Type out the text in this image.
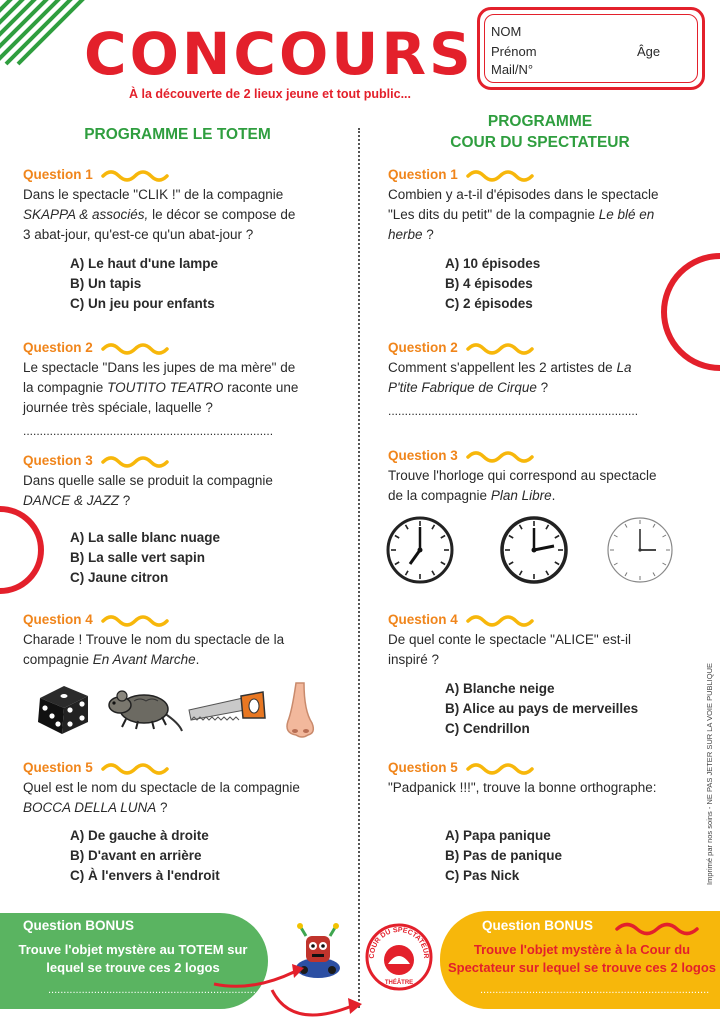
CONCOURS
À la découverte de 2 lieux jeune et tout public...
NOM
Prénom	Âge
Mail/N°
Imprimé par nos soins - NE PAS JETER SUR LA VOIE PUBLIQUE
PROGRAMME LE TOTEM
Question 1
Dans le spectacle "CLIK !" de la compagnie
SKAPPA & associés, le décor se compose de
3 abat-jour, qu'est-ce qu'un abat-jour ?
A) Le haut d'une lampe
B) Un tapis
C) Un jeu pour enfants
Question 2
Le spectacle "Dans les jupes de ma mère" de
la compagnie TOUTITO TEATRO raconte une
journée très spéciale, laquelle ?
...........................................................................
Question 3
Dans quelle salle se produit la compagnie
DANCE & JAZZ ?
A) La salle blanc nuage
B) La salle vert sapin
C) Jaune citron
Question 4
Charade ! Trouve le nom du spectacle de la
compagnie En Avant Marche.
Question 5
Quel est le nom du spectacle de la compagnie
BOCCA DELLA LUNA ?
A) De gauche à droite
B) D'avant en arrière
C) À l'envers à l'endroit
Question BONUS
Trouve l'objet mystère au TOTEM sur
lequel se trouve ces 2 logos
...........................................................................
COUR DU SPECTATEUR
THÉÂTRE
PROGRAMME
COUR DU SPECTATEUR
Question 1
Combien y a-t-il d'épisodes dans le spectacle
"Les dits du petit" de la compagnie Le blé en
herbe ?
A) 10 épisodes
B) 4 épisodes
C) 2 épisodes
Question 2
Comment s'appellent les 2 artistes de La
P'tite Fabrique de Cirque ?
...........................................................................
Question 3
Trouve l'horloge qui correspond au spectacle
de la compagnie Plan Libre.
Question 4
De quel conte le spectacle "ALICE" est-il
inspiré ?
A) Blanche neige
B) Alice au pays de merveilles
C) Cendrillon
Question 5
"Padpanick !!!", trouve la bonne orthographe:
A) Papa panique
B) Pas de panique
C) Pas Nick
Question BONUS
Trouve l'objet mystère à la Cour du
Spectateur sur lequel se trouve ces 2 logos
...........................................................................
